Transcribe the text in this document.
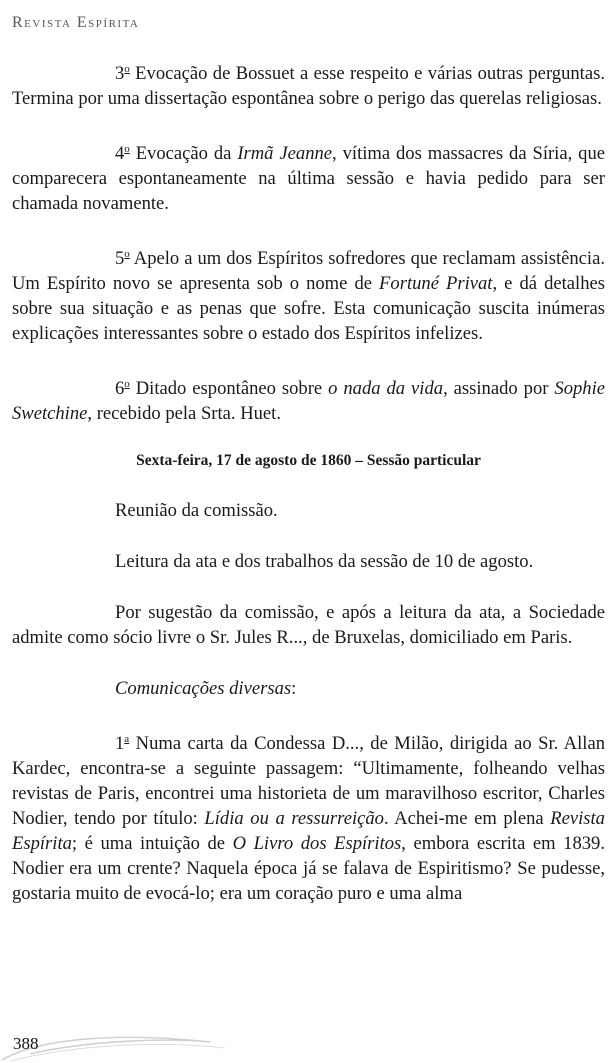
Revista Espírita

3$^o$ Evocação de Bossuet a esse respeito e várias outras perguntas. Termina por uma dissertação espontânea sobre o perigo das querelas religiosas.

4$^o$ Evocação da Irmã Jeanne, vítima dos massacres da Síria, que comparecera espontaneamente na última sessão e havia pedido para ser chamada novamente.

5$^o$ Apelo a um dos Espíritos sofredores que reclamam assistência. Um Espírito novo se apresenta sob o nome de Fortuné Privat, e dá detalhes sobre sua situação e as penas que sofre. Esta comunicação suscita inúmeras explicações interessantes sobre o estado dos Espíritos infelizes.

6$^o$ Ditado espontâneo sobre o nada da vida, assinado por Sophie Swetchine, recebido pela Srta. Huet.

Sexta-feira, 17 de agosto de 1860 – Sessão particular

Reunião da comissão.

Leitura da ata e dos trabalhos da sessão de 10 de agosto.

Por sugestão da comissão, e após a leitura da ata, a Sociedade admite como sócio livre o Sr. Jules R..., de Bruxelas, domiciliado em Paris.

Comunicações diversas:

1$^a$ Numa carta da Condessa D..., de Milão, dirigida ao Sr. Allan Kardec, encontra-se a seguinte passagem: “Ultimamente, folheando velhas revistas de Paris, encontrei uma historieta de um maravilhoso escritor, Charles Nodier, tendo por título: Lídia ou a ressurreição. Achei-me em plena Revista Espírita; é uma intuição de O Livro dos Espíritos, embora escrita em 1839. Nodier era um crente? Naquela época já se falava de Espiritismo? Se pudesse, gostaria muito de evocá-lo; era um coração puro e uma alma

388
